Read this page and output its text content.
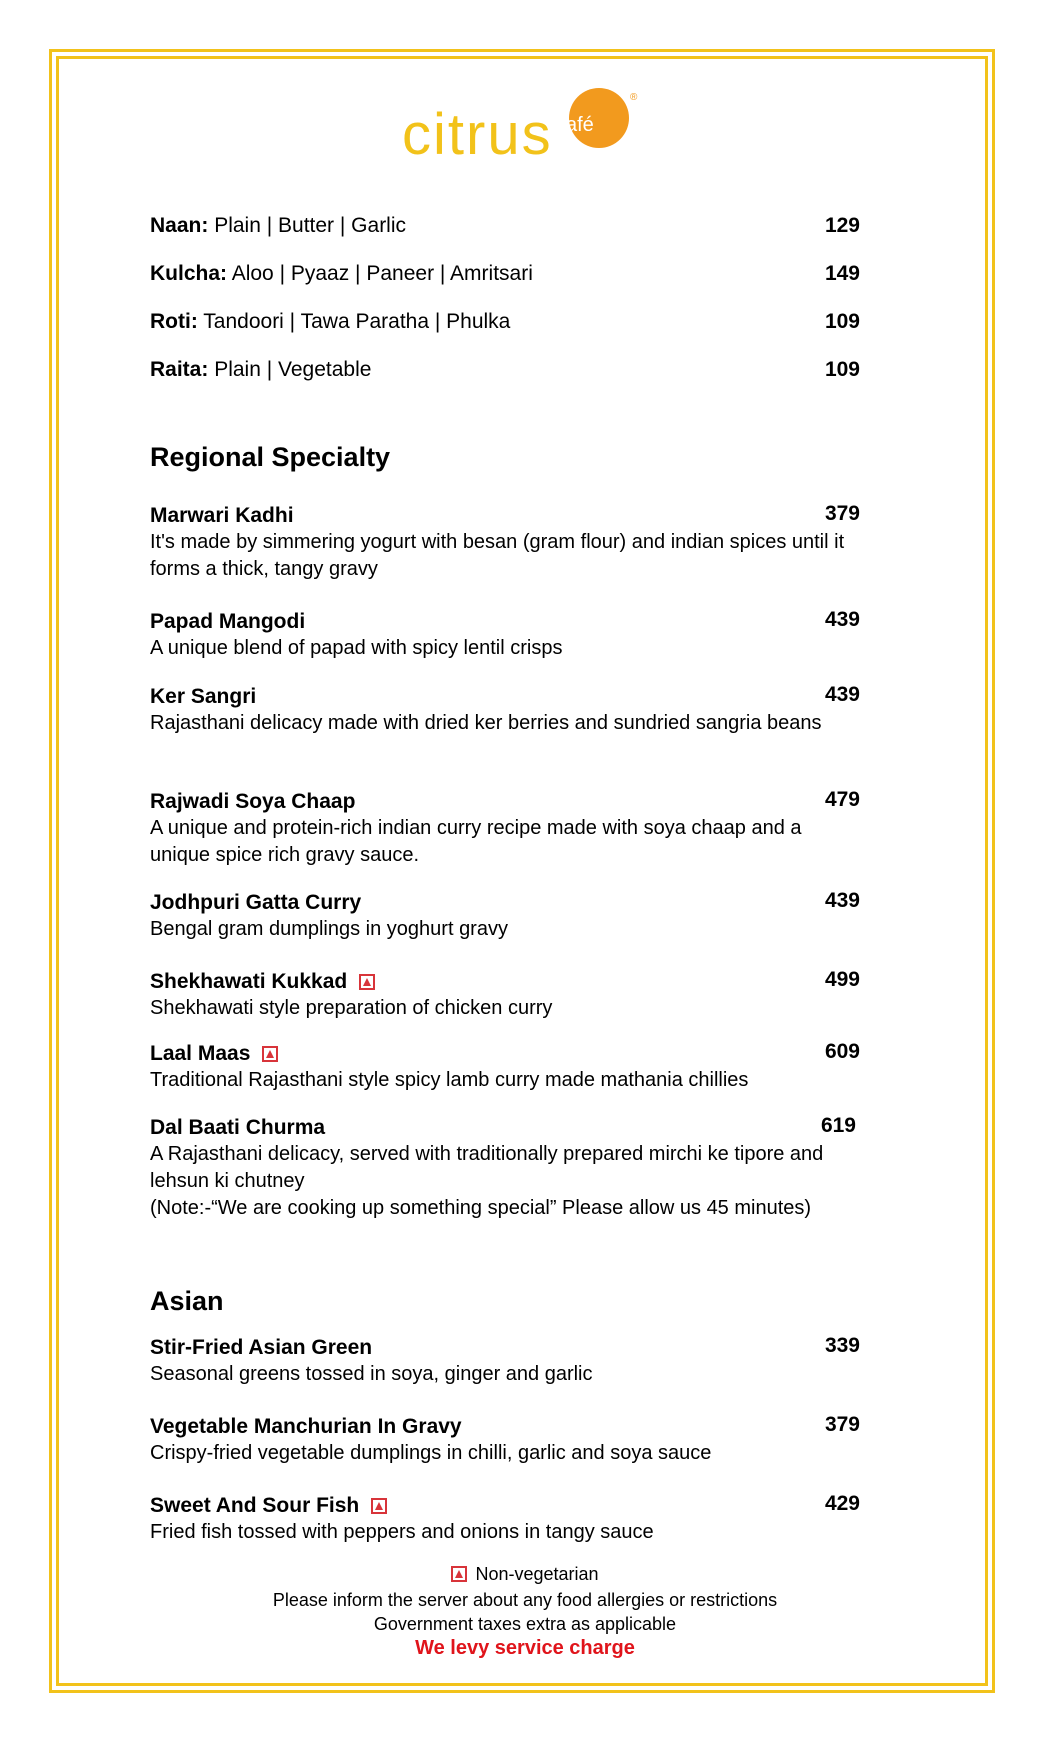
café
®
citrus
Naan: Plain | Butter | Garlic	129
Kulcha: Aloo | Pyaaz | Paneer | Amritsari	149
Roti: Tandoori | Tawa Paratha | Phulka	109
Raita: Plain | Vegetable	109
Regional Specialty
Marwari Kadhi	379
It's made by simmering yogurt with besan (gram flour) and indian spices until it forms a thick, tangy gravy
Papad Mangodi	439
A unique blend of papad with spicy lentil crisps
Ker Sangri	439
Rajasthani delicacy made with dried ker berries and sundried sangria beans
Rajwadi Soya Chaap	479
A unique and protein-rich indian curry recipe made with soya chaap and a unique spice rich gravy sauce.
Jodhpuri Gatta Curry	439
Bengal gram dumplings in yoghurt gravy
Shekhawati Kukkad	499
Shekhawati style preparation of chicken curry
Laal Maas	609
Traditional Rajasthani style spicy lamb curry made mathania chillies
Dal Baati Churma	619
A Rajasthani delicacy, served with traditionally prepared mirchi ke tipore and lehsun ki chutney
(Note:-“We are cooking up something special” Please allow us 45 minutes)
Asian
Stir-Fried Asian Green	339
Seasonal greens tossed in soya, ginger and garlic
Vegetable Manchurian In Gravy	379
Crispy-fried vegetable dumplings in chilli, garlic and soya sauce
Sweet And Sour Fish	429
Fried fish tossed with peppers and onions in tangy sauce
Non-vegetarian
Please inform the server about any food allergies or restrictions
Government taxes extra as applicable
We levy service charge
